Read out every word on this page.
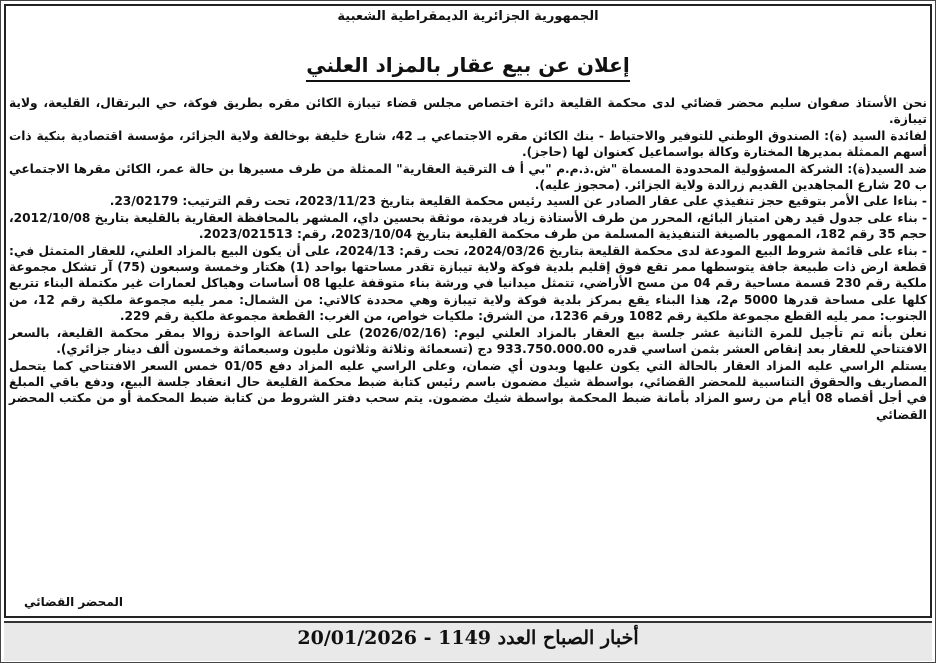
الجمهورية الجزائرية الديمقراطية الشعبية
إعلان عن بيع عقار بالمزاد العلني

نحن الأستاذ صفوان سليم محضر قضائي لدى محكمة القليعة دائرة اختصاص مجلس قضاء تيبازة الكائن مقره بطريق فوكة، حي البرتقال، القليعة، ولاية تيبازة.

لفائدة السيد (ة): الصندوق الوطني للتوفير والاحتياط - بنك الكائن مقره الاجتماعي بـ 42، شارع خليفة بوخالفة ولاية الجزائر، مؤسسة اقتصادية بنكية ذات أسهم الممثلة بمديرها المختارة وكالة بواسماعيل كعنوان لها (حاجز).

ضد السيد(ة): الشركة المسؤولية المحدودة المسماة "ش.ذ.م.م "بي أ ف الترقية العقارية" الممثلة من طرف مسيرها بن حالة عمر، الكائن مقرها الاجتماعي ب 20 شارع المجاهدين القديم زرالدة ولاية الجزائر. (محجوز عليه).

- بناءا على الأمر بتوقيع حجز تنفيذي على عقار الصادر عن السيد رئيس محكمة القليعة بتاريخ 2023/11/23، تحت رقم الترتيب: 23/02179.

- بناء على جدول قيد رهن امتياز البائع، المحرر من طرف الأستاذة زياد فريدة، موثقة بحسين داي، المشهر بالمحافظة العقارية بالقليعة بتاريخ 2012/10/08، حجم 35 رقم 182، الممهور بالصيغة التنفيذية المسلمة من طرف محكمة القليعة بتاريخ 2023/10/04، رقم: 2023/021513.

- بناء على قائمة شروط البيع المودعة لدى محكمة القليعة بتاريخ 2024/03/26، تحت رقم: 2024/13، على أن يكون البيع بالمزاد العلني، للعقار المتمثل في: قطعة ارض ذات طبيعة جافة يتوسطها ممر تقع فوق إقليم بلدية فوكة ولاية تيبازة تقدر مساحتها بواحد (1) هكتار وخمسة وسبعون (75) آر تشكل مجموعة ملكية رقم 230 قسمة مساحية رقم 04 من مسح الأراضي، تتمثل ميدانيا في ورشة بناء متوقفة عليها 08 أساسات وهياكل لعمارات غير مكتملة البناء تتربع كلها على مساحة قدرها 5000 م2، هذا البناء يقع بمركز بلدية فوكة ولاية تيبازة وهي محددة كالاتي: من الشمال: ممر يليه مجموعة ملكية رقم 12، من الجنوب: ممر يليه القطع مجموعة ملكية رقم 1082 ورقم 1236، من الشرق: ملكيات خواص، من الغرب: القطعة مجموعة ملكية رقم 229.

نعلن بأنه تم تأجيل للمرة الثانية عشر جلسة بيع العقار بالمزاد العلني ليوم: (2026/02/16) على الساعة الواحدة زوالا بمقر محكمة القليعة، بالسعر الافتتاحي للعقار بعد إنقاص العشر بثمن اساسي قدره 933.750.000.00 دج (تسعمائة وثلاثة وثلاثون مليون وسبعمائة وخمسون ألف دينار جزائري).

يستلم الراسي عليه المزاد العقار بالحالة التي يكون عليها وبدون أي ضمان، وعلى الراسي عليه المزاد دفع 01/05 خمس السعر الافتتاحي كما يتحمل المصاريف والحقوق التناسبية للمحضر القضائي، بواسطة شيك مضمون باسم رئيس كتابة ضبط محكمة القليعة حال انعقاد جلسة البيع، ودفع باقي المبلغ في أجل أقصاه 08 أيام من رسو المزاد بأمانة ضبط المحكمة بواسطة شيك مضمون. يتم سحب دفتر الشروط من كتابة ضبط المحكمة أو من مكتب المحضر القضائي

المحضر القضائي
أخبار الصباح العدد 1149 - 20/01/2026
